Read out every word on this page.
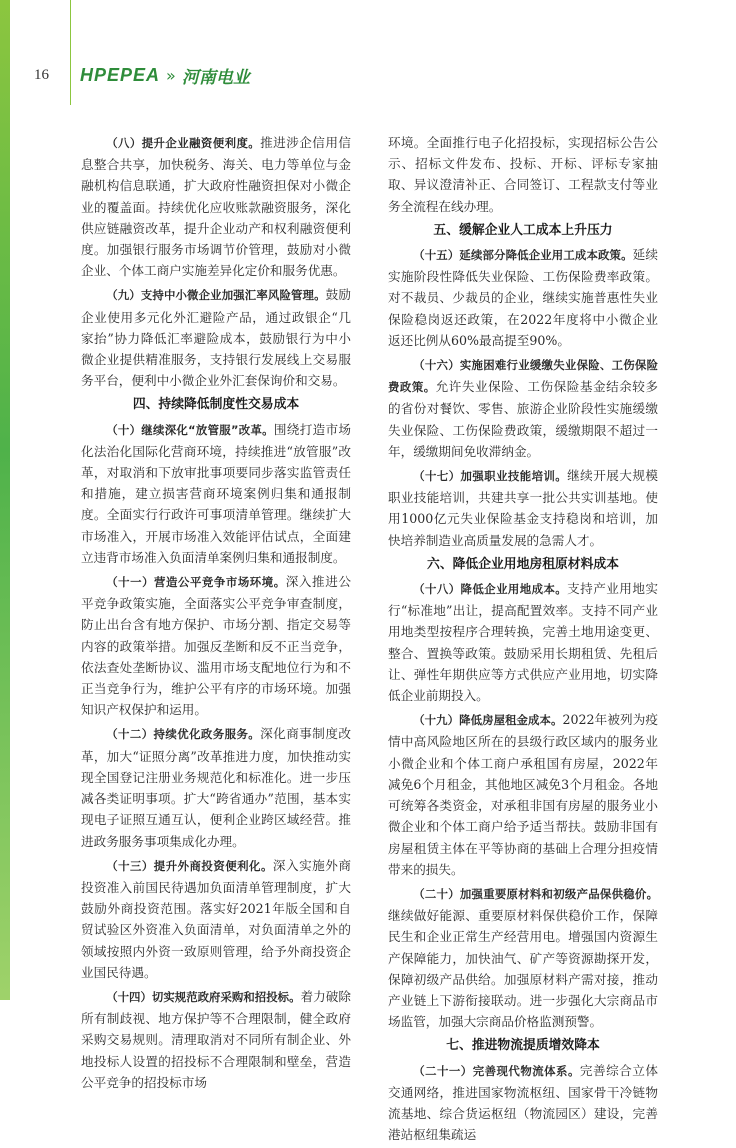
16	HPEPEA » 河南电业

（八）提升企业融资便利度。推进涉企信用信息整合共享，加快税务、海关、电力等单位与金融机构信息联通，扩大政府性融资担保对小微企业的覆盖面。持续优化应收账款融资服务，深化供应链融资改革，提升企业动产和权利融资便利度。加强银行服务市场调节价管理，鼓励对小微企业、个体工商户实施差异化定价和服务优惠。

（九）支持中小微企业加强汇率风险管理。鼓励企业使用多元化外汇避险产品，通过政银企“几家抬”协力降低汇率避险成本，鼓励银行为中小微企业提供精准服务，支持银行发展线上交易服务平台，便利中小微企业外汇套保询价和交易。

四、持续降低制度性交易成本

（十）继续深化“放管服”改革。围绕打造市场化法治化国际化营商环境，持续推进“放管服”改革，对取消和下放审批事项要同步落实监管责任和措施，建立损害营商环境案例归集和通报制度。全面实行行政许可事项清单管理。继续扩大市场准入，开展市场准入效能评估试点，全面建立违背市场准入负面清单案例归集和通报制度。

（十一）营造公平竞争市场环境。深入推进公平竞争政策实施，全面落实公平竞争审查制度，防止出台含有地方保护、市场分割、指定交易等内容的政策举措。加强反垄断和反不正当竞争，依法查处垄断协议、滥用市场支配地位行为和不正当竞争行为，维护公平有序的市场环境。加强知识产权保护和运用。

（十二）持续优化政务服务。深化商事制度改革，加大“证照分离”改革推进力度，加快推动实现全国登记注册业务规范化和标准化。进一步压减各类证明事项。扩大“跨省通办”范围，基本实现电子证照互通互认，便利企业跨区域经营。推进政务服务事项集成化办理。

（十三）提升外商投资便利化。深入实施外商投资准入前国民待遇加负面清单管理制度，扩大鼓励外商投资范围。落实好2021年版全国和自贸试验区外资准入负面清单，对负面清单之外的领域按照内外资一致原则管理，给予外商投资企业国民待遇。

（十四）切实规范政府采购和招投标。着力破除所有制歧视、地方保护等不合理限制，健全政府采购交易规则。清理取消对不同所有制企业、外地投标人设置的招投标不合理限制和壁垒，营造公平竞争的招投标市场

环境。全面推行电子化招投标，实现招标公告公示、招标文件发布、投标、开标、评标专家抽取、异议澄清补正、合同签订、工程款支付等业务全流程在线办理。

五、缓解企业人工成本上升压力

（十五）延续部分降低企业用工成本政策。延续实施阶段性降低失业保险、工伤保险费率政策。对不裁员、少裁员的企业，继续实施普惠性失业保险稳岗返还政策，在2022年度将中小微企业返还比例从60%最高提至90%。

（十六）实施困难行业缓缴失业保险、工伤保险费政策。允许失业保险、工伤保险基金结余较多的省份对餐饮、零售、旅游企业阶段性实施缓缴失业保险、工伤保险费政策，缓缴期限不超过一年，缓缴期间免收滞纳金。

（十七）加强职业技能培训。继续开展大规模职业技能培训，共建共享一批公共实训基地。使用1000亿元失业保险基金支持稳岗和培训，加快培养制造业高质量发展的急需人才。

六、降低企业用地房租原材料成本

（十八）降低企业用地成本。支持产业用地实行“标准地”出让，提高配置效率。支持不同产业用地类型按程序合理转换，完善土地用途变更、整合、置换等政策。鼓励采用长期租赁、先租后让、弹性年期供应等方式供应产业用地，切实降低企业前期投入。

（十九）降低房屋租金成本。2022年被列为疫情中高风险地区所在的县级行政区域内的服务业小微企业和个体工商户承租国有房屋，2022年减免6个月租金，其他地区减免3个月租金。各地可统筹各类资金，对承租非国有房屋的服务业小微企业和个体工商户给予适当帮扶。鼓励非国有房屋租赁主体在平等协商的基础上合理分担疫情带来的损失。

（二十）加强重要原材料和初级产品保供稳价。继续做好能源、重要原材料保供稳价工作，保障民生和企业正常生产经营用电。增强国内资源生产保障能力，加快油气、矿产等资源勘探开发，保障初级产品供给。加强原材料产需对接，推动产业链上下游衔接联动。进一步强化大宗商品市场监管，加强大宗商品价格监测预警。

七、推进物流提质增效降本

（二十一）完善现代物流体系。完善综合立体交通网络，推进国家物流枢纽、国家骨干冷链物流基地、综合货运枢纽（物流园区）建设，完善港站枢纽集疏运
